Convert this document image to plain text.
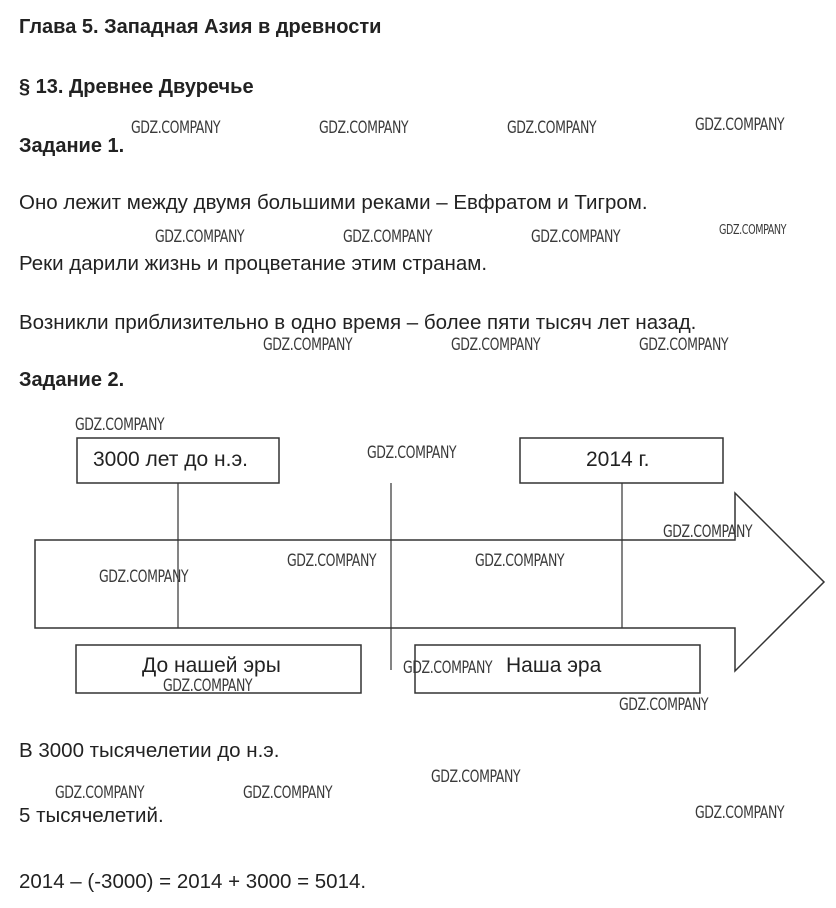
Глава 5. Западная Азия в древности
§ 13. Древнее Двуречье
Задание 1.
Оно лежит между двумя большими реками – Евфратом и Тигром.
Реки дарили жизнь и процветание этим странам.
Возникли приблизительно в одно время – более пяти тысяч лет назад.
Задание 2.
3000 лет до н.э.	2014 г.
До нашей эры	Наша эра
В 3000 тысячелетии до н.э.
5 тысячелетий.
2014 – (-3000) = 2014 + 3000 = 5014.
GDZ.COMPANY	GDZ.COMPANY	GDZ.COMPANY	GDZ.COMPANY
GDZ.COMPANY	GDZ.COMPANY	GDZ.COMPANY	GDZ.COMPANY
GDZ.COMPANY	GDZ.COMPANY	GDZ.COMPANY
GDZ.COMPANY
GDZ.COMPANY
GDZ.COMPANY
GDZ.COMPANY	GDZ.COMPANY
GDZ.COMPANY
GDZ.COMPANY
GDZ.COMPANY
GDZ.COMPANY
GDZ.COMPANY
GDZ.COMPANY	GDZ.COMPANY
GDZ.COMPANY
